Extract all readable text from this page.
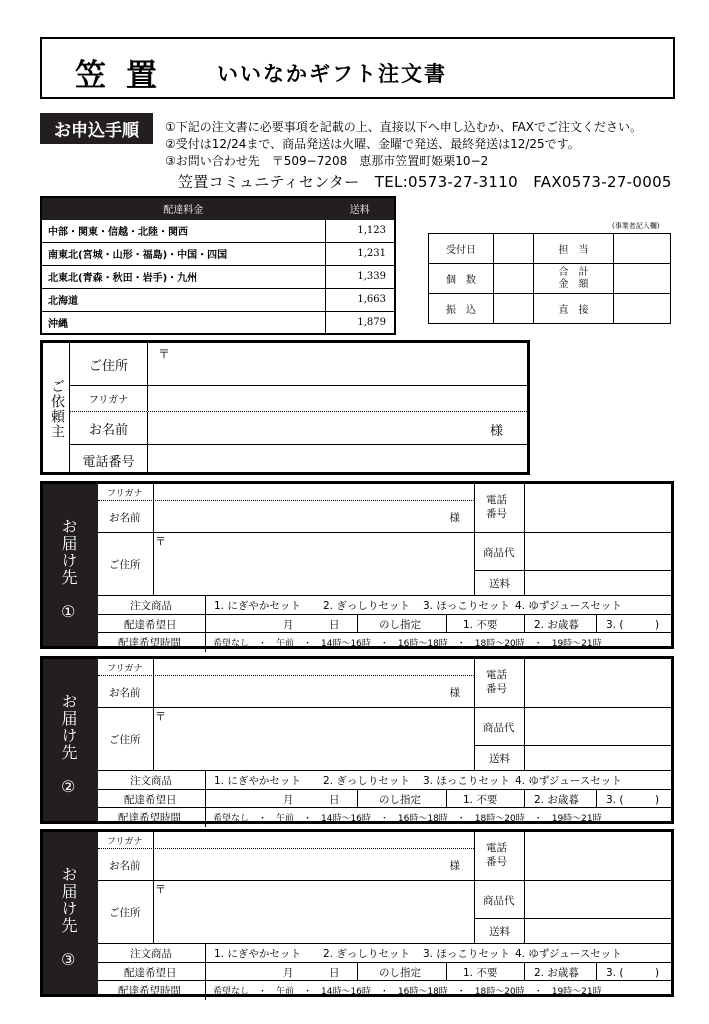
笠置 いいなかギフト注文書
お申込手順	①下記の注文書に必要事項を記載の上、直接以下へ申し込むか、FAXでご注文ください。
②受付は12/24まで、商品発送は火曜、金曜で発送、最終発送は12/25です。
③お問い合わせ先　〒509−7208　恵那市笠置町姫栗10−2
笠置コミュニティセンター　TEL:0573-27-3110　FAX0573-27-0005
配達料金	送料
中部・関東・信越・北陸・関西	1,123
南東北(宮城・山形・福島)・中国・四国	1,231
北東北(青森・秋田・岩手)・九州	1,339
北海道	1,663
沖縄	1,879
(事業者記入欄)
受付日		担　当	
個　数		合　計
金　額	
振　込		直　接	
ご依頼主
ご住所
〒
フリガナ
お名前	様
電話番号
お届け先
①
フリガナ
お名前	様
ご住所
〒
電話
番号
商品代
送料
注文商品	1. にぎやかセット 2. ぎっしりセット 3. ほっこりセット 4. ゆずジュースセット
配達希望日	月	日	のし指定	1. 不要	2. お歳暮	3. (　　　)
配達希望時間	希望なし　・　午前　・　14時〜16時　・　16時〜18時　・　18時〜20時　・　19時〜21時
お届け先
②
フリガナ
お名前	様
ご住所
〒
電話
番号
商品代
送料
注文商品	1. にぎやかセット 2. ぎっしりセット 3. ほっこりセット 4. ゆずジュースセット
配達希望日	月	日	のし指定	1. 不要	2. お歳暮	3. (　　　)
配達希望時間	希望なし　・　午前　・　14時〜16時　・　16時〜18時　・　18時〜20時　・　19時〜21時
お届け先
③
フリガナ
お名前	様
ご住所
〒
電話
番号
商品代
送料
注文商品	1. にぎやかセット 2. ぎっしりセット 3. ほっこりセット 4. ゆずジュースセット
配達希望日	月	日	のし指定	1. 不要	2. お歳暮	3. (　　　)
配達希望時間	希望なし　・　午前　・　14時〜16時　・　16時〜18時　・　18時〜20時　・　19時〜21時
